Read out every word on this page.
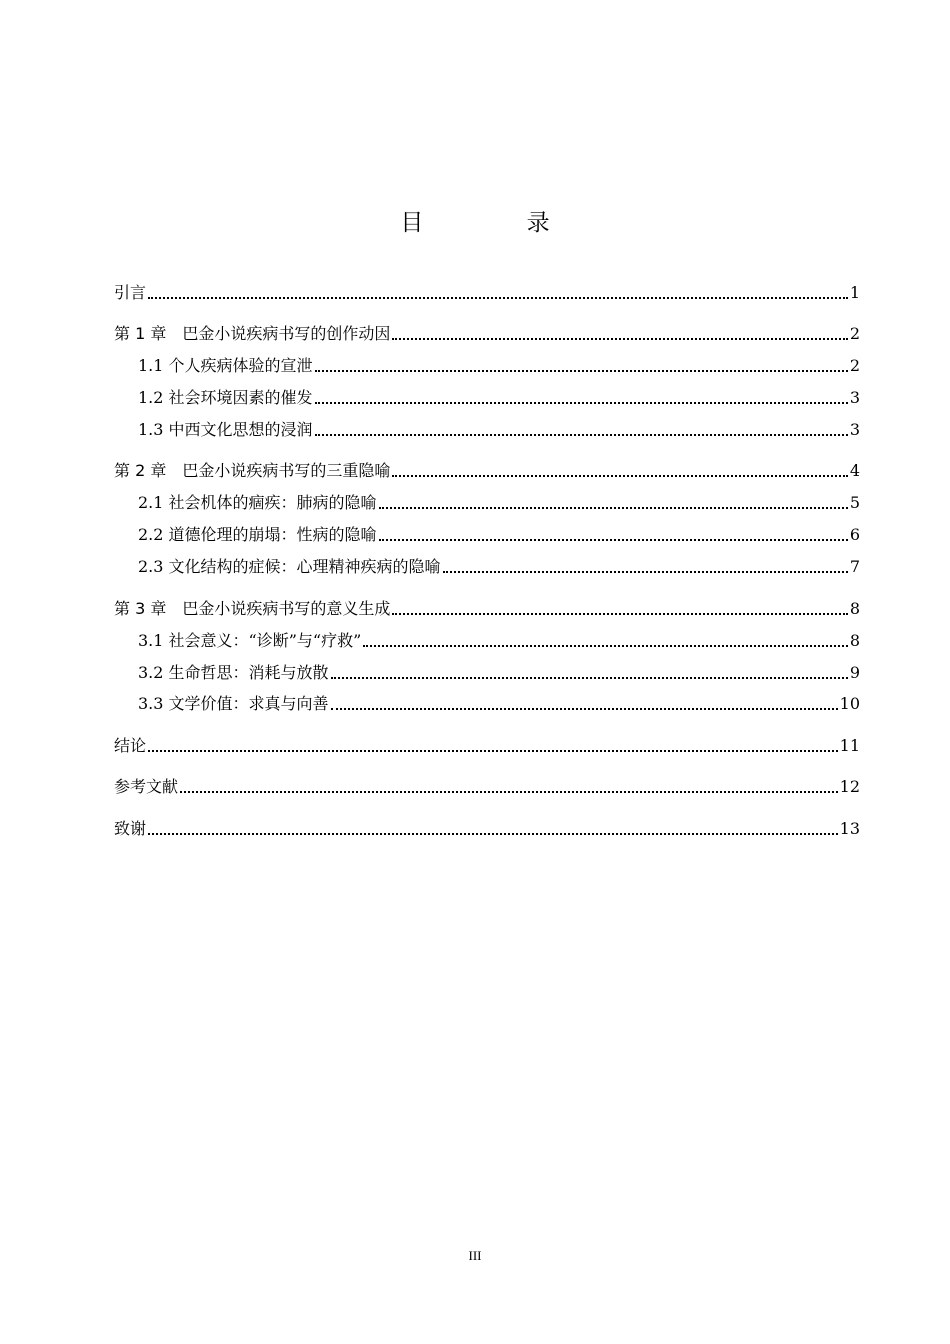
目 录
引言	1
第 1 章　巴金小说疾病书写的创作动因	2
1.1 个人疾病体验的宣泄	2
1.2 社会环境因素的催发	3
1.3 中西文化思想的浸润	3
第 2 章　巴金小说疾病书写的三重隐喻	4
2.1 社会机体的痼疾：肺病的隐喻	5
2.2 道德伦理的崩塌：性病的隐喻	6
2.3 文化结构的症候：心理精神疾病的隐喻	7
第 3 章　巴金小说疾病书写的意义生成	8
3.1 社会意义：“诊断”与“疗救”	8
3.2 生命哲思：消耗与放散	9
3.3 文学价值：求真与向善	10
结论	11
参考文献	12
致谢	13
III
